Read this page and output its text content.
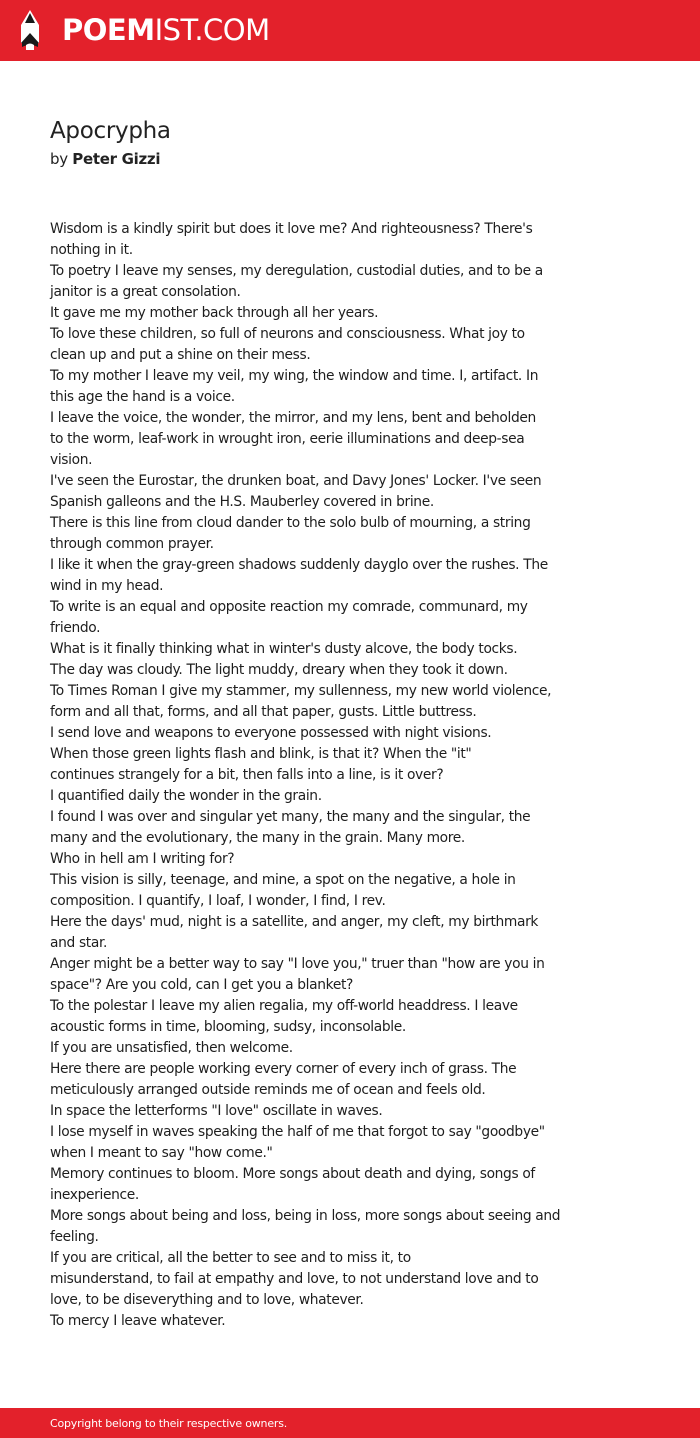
POEMIST.COM
Apocrypha
by Peter Gizzi
Wisdom is a kindly spirit but does it love me? And righteousness? There's
nothing in it.
To poetry I leave my senses, my deregulation, custodial duties, and to be a
janitor is a great consolation.
It gave me my mother back through all her years.
To love these children, so full of neurons and consciousness. What joy to
clean up and put a shine on their mess.
To my mother I leave my veil, my wing, the window and time. I, artifact. In
this age the hand is a voice.
I leave the voice, the wonder, the mirror, and my lens, bent and beholden
to the worm, leaf-work in wrought iron, eerie illuminations and deep-sea
vision.
I've seen the Eurostar, the drunken boat, and Davy Jones' Locker. I've seen
Spanish galleons and the H.S. Mauberley covered in brine.
There is this line from cloud dander to the solo bulb of mourning, a string
through common prayer.
I like it when the gray-green shadows suddenly dayglo over the rushes. The
wind in my head.
To write is an equal and opposite reaction my comrade, communard, my
friendo.
What is it finally thinking what in winter's dusty alcove, the body tocks.
The day was cloudy. The light muddy, dreary when they took it down.
To Times Roman I give my stammer, my sullenness, my new world violence,
form and all that, forms, and all that paper, gusts. Little buttress.
I send love and weapons to everyone possessed with night visions.
When those green lights flash and blink, is that it? When the "it"
continues strangely for a bit, then falls into a line, is it over?
I quantified daily the wonder in the grain.
I found I was over and singular yet many, the many and the singular, the
many and the evolutionary, the many in the grain. Many more.
Who in hell am I writing for?
This vision is silly, teenage, and mine, a spot on the negative, a hole in
composition. I quantify, I loaf, I wonder, I find, I rev.
Here the days' mud, night is a satellite, and anger, my cleft, my birthmark
and star.
Anger might be a better way to say "I love you," truer than "how are you in
space"? Are you cold, can I get you a blanket?
To the polestar I leave my alien regalia, my off-world headdress. I leave
acoustic forms in time, blooming, sudsy, inconsolable.
If you are unsatisfied, then welcome.
Here there are people working every corner of every inch of grass. The
meticulously arranged outside reminds me of ocean and feels old.
In space the letterforms "I love" oscillate in waves.
I lose myself in waves speaking the half of me that forgot to say "goodbye"
when I meant to say "how come."
Memory continues to bloom. More songs about death and dying, songs of
inexperience.
More songs about being and loss, being in loss, more songs about seeing and
feeling.
If you are critical, all the better to see and to miss it, to
misunderstand, to fail at empathy and love, to not understand love and to
love, to be diseverything and to love, whatever.
To mercy I leave whatever.
Copyright belong to their respective owners.
